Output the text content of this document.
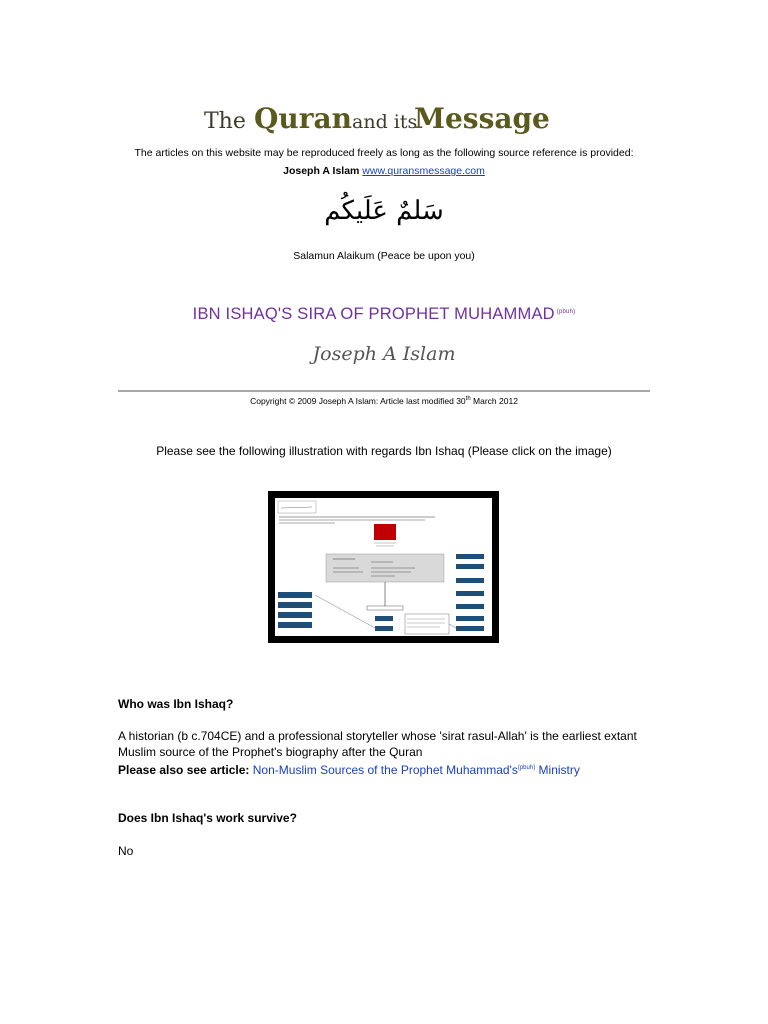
The Quran and its
Message
The articles on this website may be reproduced freely as long as the following source reference is provided:
Joseph A Islam www.quransmessage.com
سَلمٌ عَلَيكُم
Salamun Alaikum (Peace be upon you)
IBN ISHAQ'S SIRA OF PROPHET MUHAMMAD $^{(pbuh)}$
Joseph A Islam
Copyright © 2009 Joseph A Islam: Article last modified 30th March 2012
Please see the following illustration with regards Ibn Ishaq (Please click on the image)
Who was Ibn Ishaq?
A historian (b c.704CE) and a professional storyteller whose 'sirat rasul-Allah' is the earliest extant Muslim source of the Prophet's biography after the Quran
Please also see article: Non-Muslim Sources of the Prophet Muhammad's$^{(pbuh)}$ Ministry
Does Ibn Ishaq's work survive?
No
